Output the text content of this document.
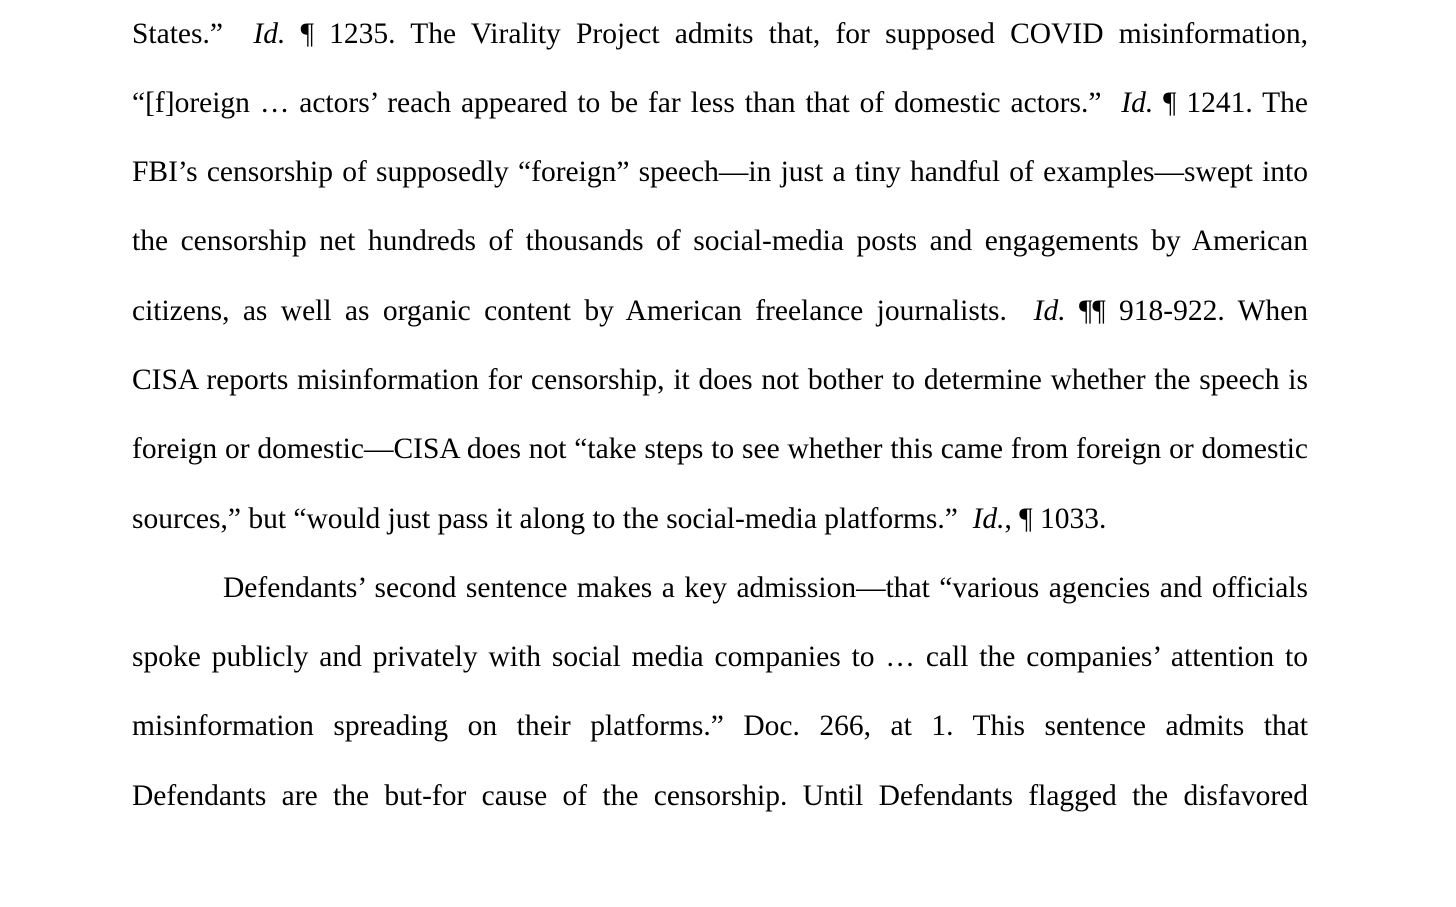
States.” Id. ¶ 1235. The Virality Project admits that, for supposed COVID misinformation,
“[f]oreign … actors’ reach appeared to be far less than that of domestic actors.” Id. ¶ 1241. The
FBI’s censorship of supposedly “foreign” speech—in just a tiny handful of examples—swept into
the censorship net hundreds of thousands of social-media posts and engagements by American
citizens, as well as organic content by American freelance journalists. Id. ¶¶ 918-922. When
CISA reports misinformation for censorship, it does not bother to determine whether the speech is
foreign or domestic—CISA does not “take steps to see whether this came from foreign or domestic
sources,” but “would just pass it along to the social-media platforms.” Id., ¶ 1033.
Defendants’ second sentence makes a key admission—that “various agencies and officials
spoke publicly and privately with social media companies to … call the companies’ attention to
misinformation spreading on their platforms.” Doc. 266, at 1. This sentence admits that
Defendants are the but-for cause of the censorship. Until Defendants flagged the disfavored
